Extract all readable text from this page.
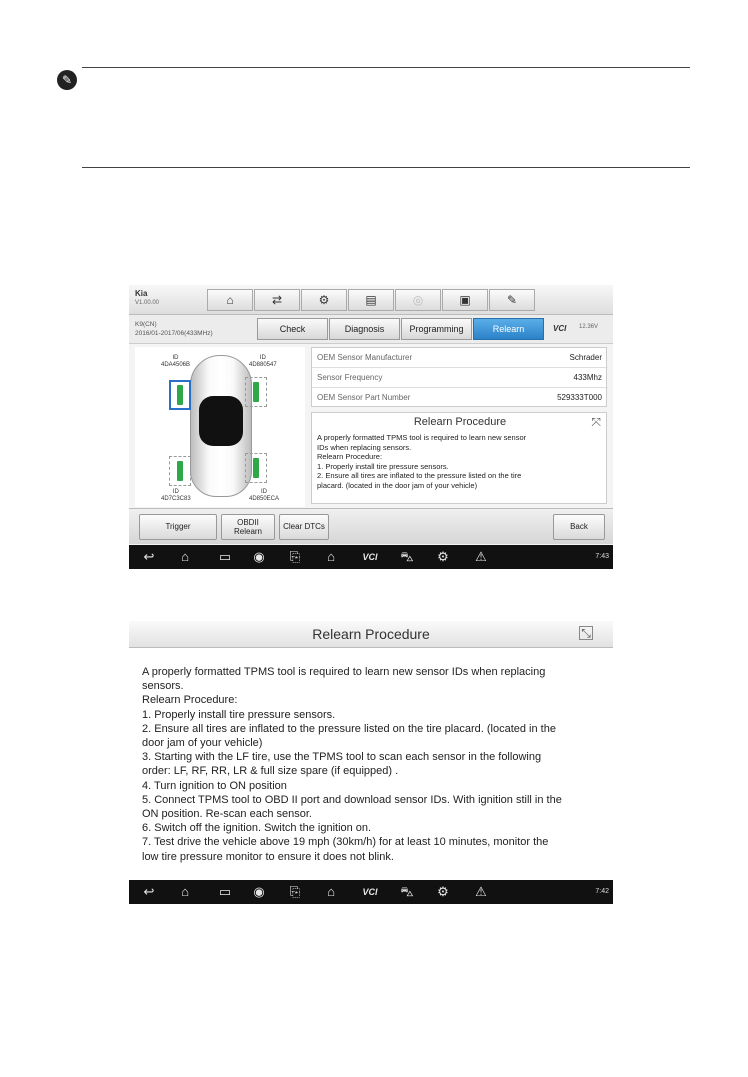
✎
Kia
V1.00.00	⌂	⇄	⚙	▤	◎	▣	✎
K9(CN)
2016/01-2017/06(433MHz)	Check	Diagnosis	Programming	Relearn	VCI 12.36V
ID
4DA4506B
ID
4D880547
ID
4D7C3C83
ID
4D850ECA
OEM Sensor Manufacturer	Schrader
Sensor Frequency	433Mhz
OEM Sensor Part Number	529333T000
Relearn Procedure	⤧
A properly formatted TPMS tool is required to learn new sensor
IDs when replacing sensors.
Relearn Procedure:
1. Properly install tire pressure sensors.
2. Ensure all tires are inflated to the pressure listed on the tire
placard. (located in the door jam of your vehicle)
Trigger	OBDII
Relearn
Clear DTCs	Back
↩	⌂	▭	◉	⎘	⌂	VCI	⛍	⚙	⚠	7:43
Relearn Procedure	⤡
A properly formatted TPMS tool is required to learn new sensor IDs when replacing
sensors.
Relearn Procedure:
1. Properly install tire pressure sensors.
2. Ensure all tires are inflated to the pressure listed on the tire placard. (located in the
door jam of your vehicle)
3. Starting with the LF tire, use the TPMS tool to scan each sensor in the following
order: LF, RF, RR, LR & full size spare (if equipped) .
4. Turn ignition to ON position
5. Connect TPMS tool to OBD II port and download sensor IDs. With ignition still in the
ON position. Re-scan each sensor.
6. Switch off the ignition. Switch the ignition on.
7. Test drive the vehicle above 19 mph (30km/h) for at least 10 minutes, monitor the
low tire pressure monitor to ensure it does not blink.
↩	⌂	▭	◉	⎘	⌂	VCI	⛍	⚙	⚠	7:42
